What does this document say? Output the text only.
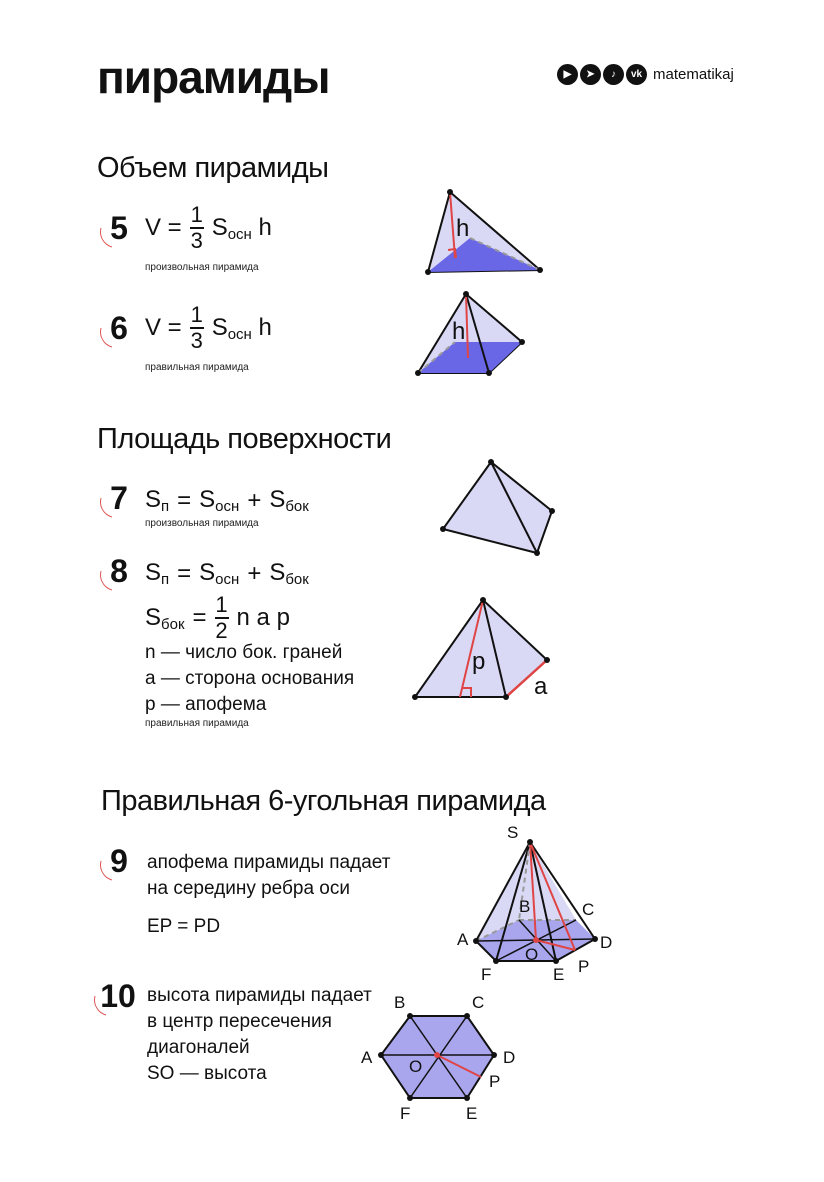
пирамиды	▶	➤	♪	vk matematikaj
Объем пирамиды
5 $V = \frac{1}{3} S_{осн}$ h
произвольная пирамида
6 $V = \frac{1}{3} S_{осн}$ h
правильная пирамида
h
h
Площадь поверхности
7 $S_п = S_{осн} + S_{бок}$
произвольная пирамида
8 $S_п = S_{осн} + S_{бок}$
$S_{бок} = \frac{1}{2}$ n a p
n — число бок. граней
a — сторона основания
p — апофема
правильная пирамида
p
a
Правильная 6-угольная пирамида
9	апофема пирамиды падает
на середину ребра оси
EP = PD
10 высота пирамиды падает
в центр пересечения
диагоналей
SO — высота
S
A
B	C
D
E
F
O
P
B	C
A	D
O
P
F	E
